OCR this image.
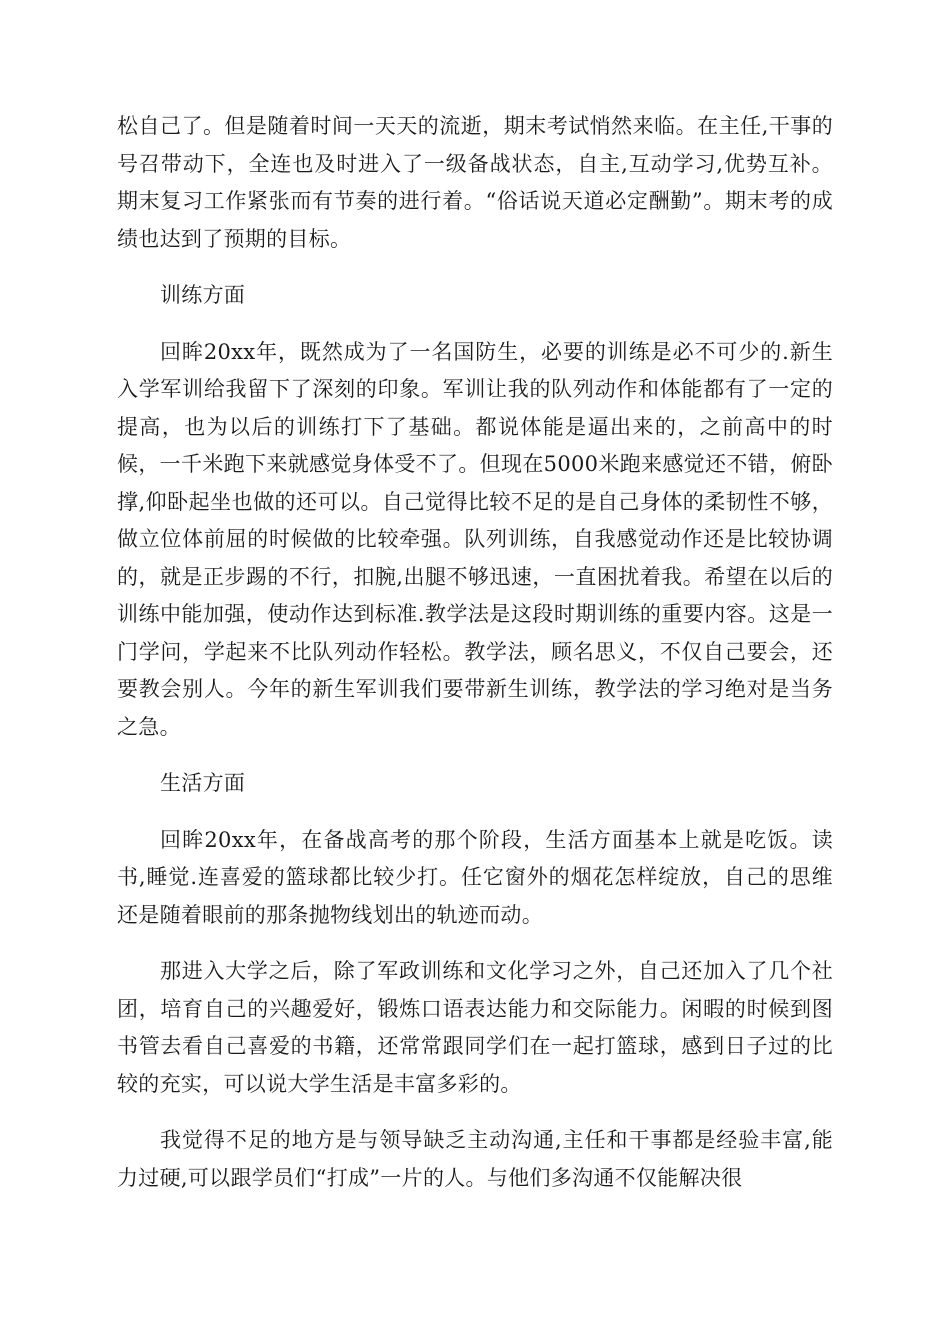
松自己了。但是随着时间一天天的流逝，期末考试悄然来临。在主任,干事的号召带动下，全连也及时进入了一级备战状态，自主,互动学习,优势互补。期末复习工作紧张而有节奏的进行着。“俗话说天道必定酬勤”。期末考的成绩也达到了预期的目标。

训练方面

回眸20xx年，既然成为了一名国防生，必要的训练是必不可少的.新生入学军训给我留下了深刻的印象。军训让我的队列动作和体能都有了一定的提高，也为以后的训练打下了基础。都说体能是逼出来的，之前高中的时候，一千米跑下来就感觉身体受不了。但现在5000米跑来感觉还不错，俯卧撑,仰卧起坐也做的还可以。自己觉得比较不足的是自己身体的柔韧性不够，做立位体前屈的时候做的比较牵强。队列训练，自我感觉动作还是比较协调的，就是正步踢的不行，扣腕,出腿不够迅速，一直困扰着我。希望在以后的训练中能加强，使动作达到标准.教学法是这段时期训练的重要内容。这是一门学问，学起来不比队列动作轻松。教学法，顾名思义，不仅自己要会，还要教会别人。今年的新生军训我们要带新生训练，教学法的学习绝对是当务之急。

生活方面

回眸20xx年，在备战高考的那个阶段，生活方面基本上就是吃饭。读书,睡觉.连喜爱的篮球都比较少打。任它窗外的烟花怎样绽放，自己的思维还是随着眼前的那条抛物线划出的轨迹而动。

那进入大学之后，除了军政训练和文化学习之外，自己还加入了几个社团，培育自己的兴趣爱好，锻炼口语表达能力和交际能力。闲暇的时候到图书管去看自己喜爱的书籍，还常常跟同学们在一起打篮球，感到日子过的比较的充实，可以说大学生活是丰富多彩的。

我觉得不足的地方是与领导缺乏主动沟通,主任和干事都是经验丰富,能力过硬,可以跟学员们“打成”一片的人。与他们多沟通不仅能解决很
